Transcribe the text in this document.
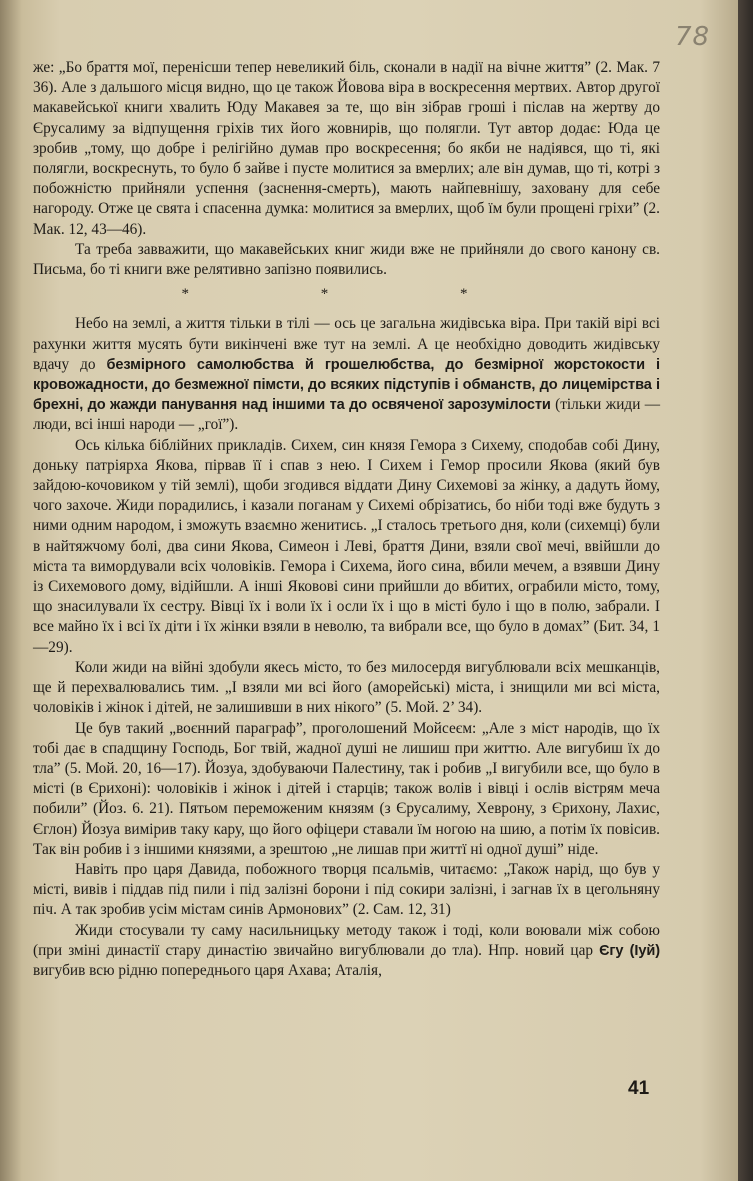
78

же: „Бо браття мої, перенісши тепер невеликий біль, сконали в надії на вічне життя” (2. Мак. 7 36). Але з дальшого місця видно, що це також Йовова віра в воскресення мертвих. Автор другої макавейської книги хвалить Юду Макавея за те, що він зібрав гроші і післав на жертву до Єрусалиму за відпущення гріхів тих його жовнирів, що полягли. Тут автор додає: Юда це зробив „тому, що добре і релігійно думав про воскресення; бо якби не надіявся, що ті, які полягли, воскреснуть, то було б зайве і пусте молитися за вмерлих; але він думав, що ті, котрі з побожністю прийняли успення (заснення-смерть), мають найпевнішу, заховану для себе нагороду. Отже це свята і спасенна думка: молитися за вмерлих, щоб їм були прощені гріхи” (2. Мак. 12, 43—46).

Та треба завважити, що макавейських книг жиди вже не прийняли до свого канону св. Письма, бо ті книги вже релятивно запізно появились.

* * *

Небо на землі, а життя тільки в тілі — ось це загальна жидівська віра. При такій вірі всі рахунки життя мусять бути викінчені вже тут на землі. А це необхідно доводить жидівську вдачу до безмірного самолюбства й грошелюбства, до безмірної жорстокости і кровожадности, до безмежної пімсти, до всяких підступів і обманств, до лицемірства і брехні, до жажди панування над іншими та до освяченої зарозумілости (тільки жиди — люди, всі інші народи — „гої”).

Ось кілька біблійних прикладів. Сихем, син князя Гемора з Сихему, сподобав собі Дину, доньку патріярха Якова, пірвав її і спав з нею. І Сихем і Гемор просили Якова (який був зайдою-кочовиком у тій землі), щоби згодився віддати Дину Сихемові за жінку, а дадуть йому, чого захоче. Жиди порадились, і казали поганам у Сихемі обрізатись, бо ніби тоді вже будуть з ними одним народом, і зможуть взаємно женитись. „І сталось третього дня, коли (сихемці) були в найтяжчому болі, два сини Якова, Симеон і Леві, браття Дини, взяли свої мечі, ввійшли до міста та вимордували всіх чоловіків. Гемора і Сихема, його сина, вбили мечем, а взявши Дину із Сихемового дому, відійшли. А інші Яковові сини прийшли до вбитих, ограбили місто, тому, що знасилували їх сестру. Вівці їх і воли їх і осли їх і що в місті було і що в полю, забрали. І все майно їх і всі їх діти і їх жінки взяли в неволю, та вибрали все, що було в домах” (Бит. 34, 1—29).

Коли жиди на війні здобули якесь місто, то без милосердя вигублювали всіх мешканців, ще й перехвалювались тим. „І взяли ми всі його (аморейські) міста, і знищили ми всі міста, чоловіків і жінок і дітей, не залишивши в них нікого” (5. Мой. 2’ 34).

Це був такий „воєнний параграф”, проголошений Мойсеєм: „Але з міст народів, що їх тобі дає в спадщину Господь, Бог твій, жадної душі не лишиш при життю. Але вигубиш їх до тла” (5. Мой. 20, 16—17). Йозуа, здобуваючи Палестину, так і робив „І вигубили все, що було в місті (в Єрихоні): чоловіків і жінок і дітей і старців; також волів і вівці і ослів вістрям меча побили” (Йоз. 6. 21). Пятьом переможеним князям (з Єрусалиму, Хеврону, з Єрихону, Лахис, Єглон) Йозуа вимірив таку кару, що його офіцери ставали їм ногою на шию, а потім їх повісив. Так він робив і з іншими князями, а зрештою „не лишав при життї ні одної душі” ніде.

Навіть про царя Давида, побожного творця псальмів, читаємо: „Також нарід, що був у місті, вивів і піддав під пили і під залізні борони і під сокири залізні, і загнав їх в цегольняну піч. А так зробив усім містам синів Армонових” (2. Сам. 12, 31)

Жиди стосували ту саму насильницьку методу також і тоді, коли воювали між собою (при зміні династії стару династію звичайно вигублювали до тла). Нпр. новий цар Єгу (Іуй) вигубив всю рідню попереднього царя Ахава; Аталія,

41
